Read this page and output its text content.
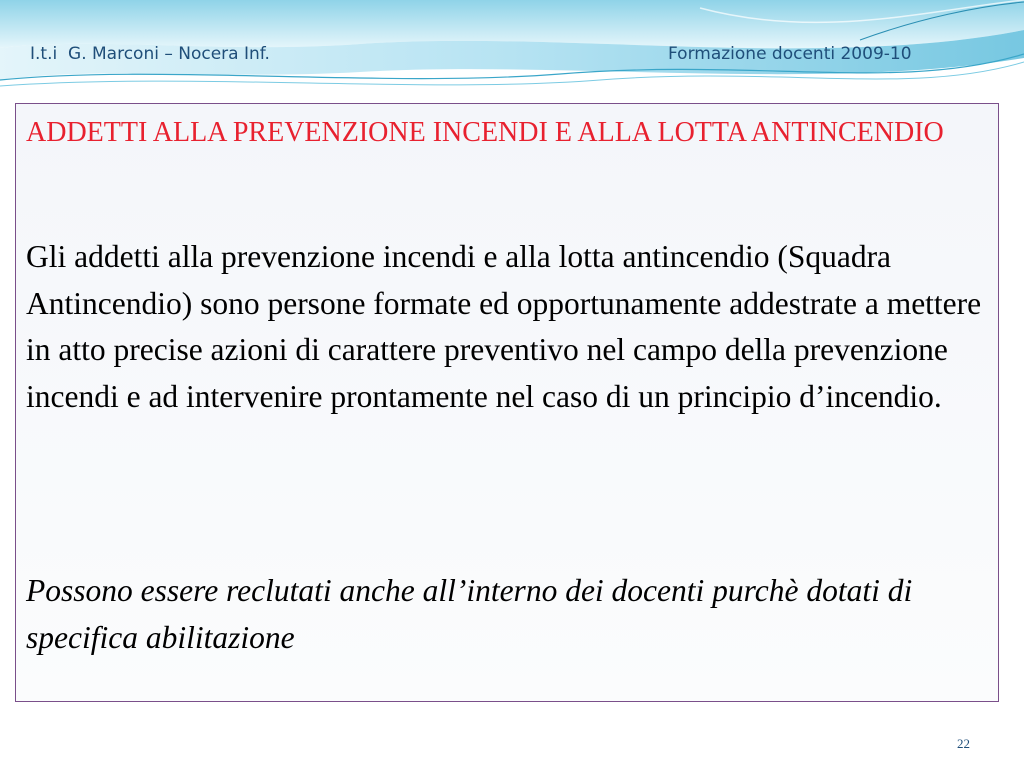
I.t.i  G. Marconi – Nocera Inf.	Formazione docenti 2009-10
ADDETTI ALLA PREVENZIONE INCENDI E ALLA LOTTA ANTINCENDIO
Gli addetti alla prevenzione incendi e alla lotta antincendio (Squadra Antincendio) sono persone formate ed opportunamente addestrate a mettere in atto precise azioni di carattere preventivo nel campo della prevenzione incendi e ad intervenire prontamente nel caso di un principio d’incendio.
Possono essere reclutati anche all’interno dei docenti purchè dotati di specifica abilitazione
22
